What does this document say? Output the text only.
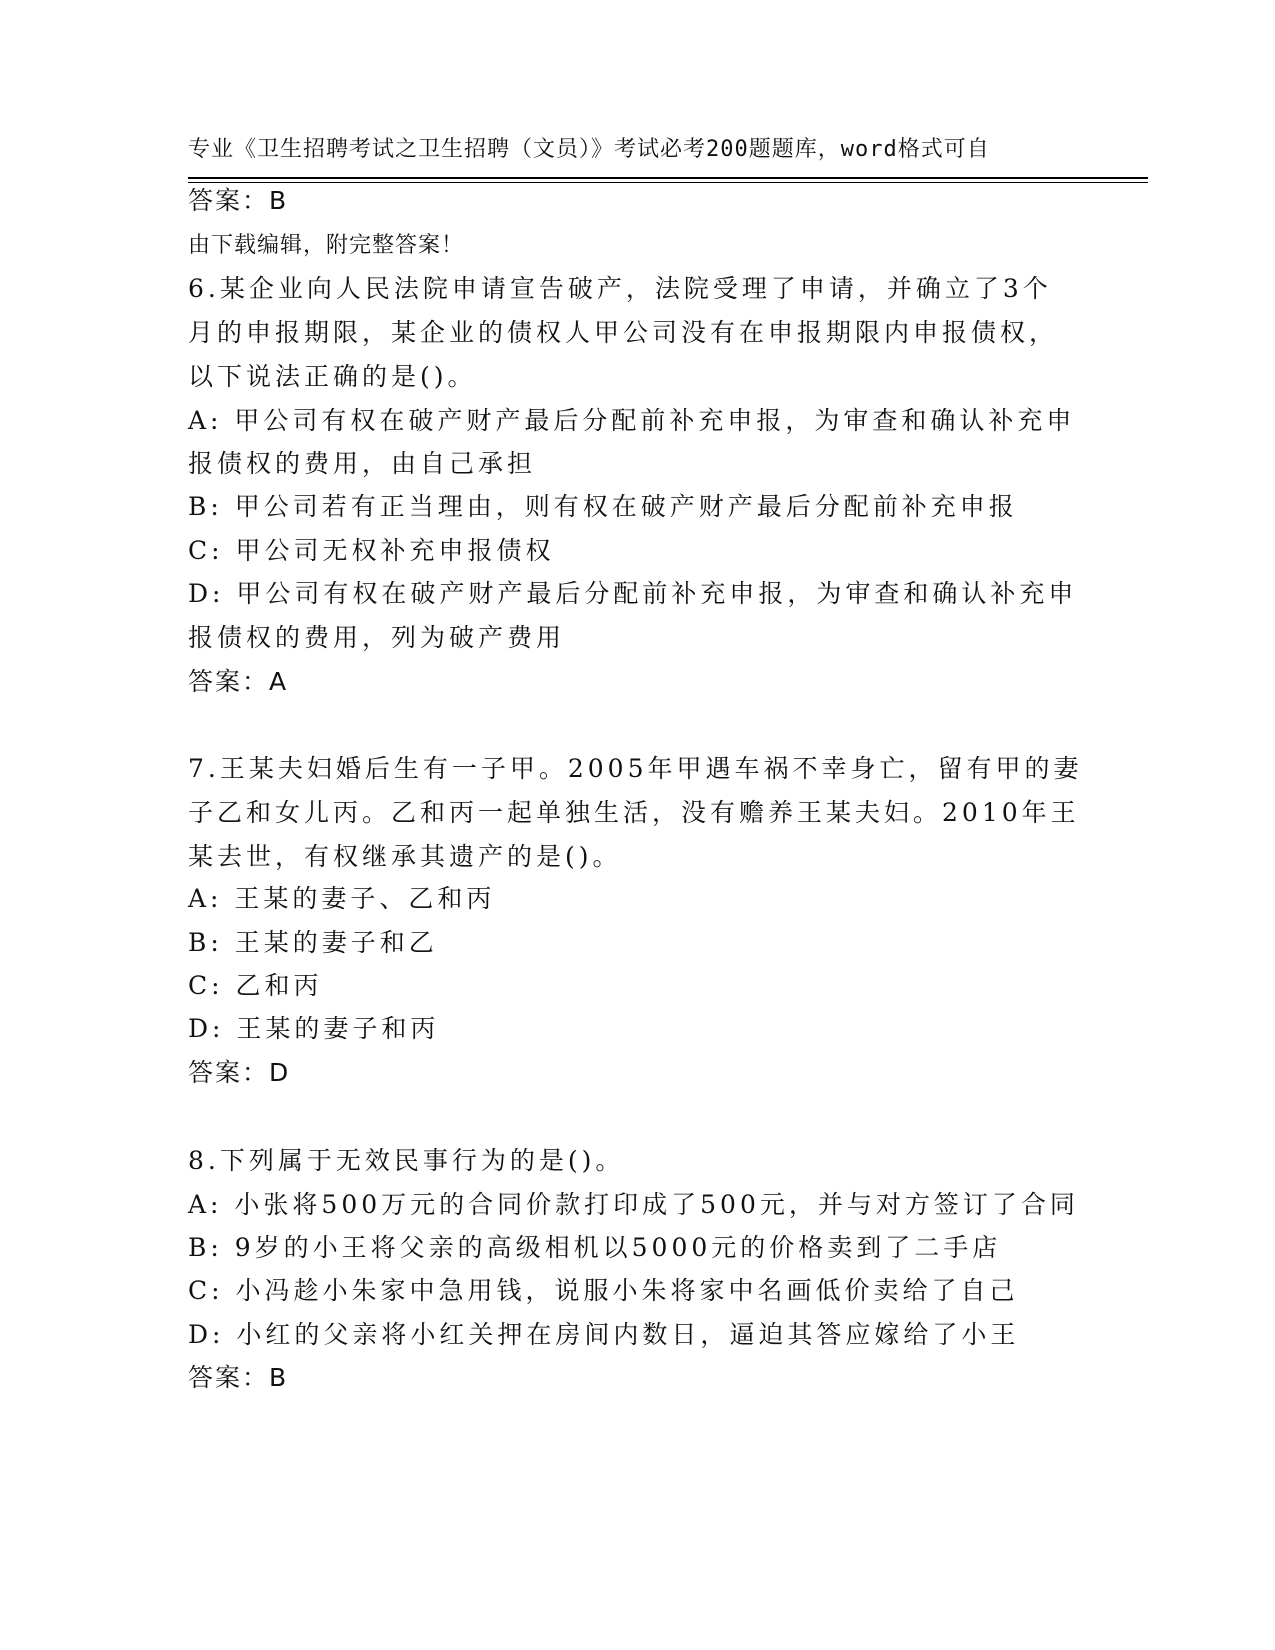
专业《卫生招聘考试之卫生招聘（文员）》考试必考200题题库，word格式可自

由下载编辑，附完整答案！

答案：B
6.某企业向人民法院申请宣告破产，法院受理了申请，并确立了3个
月的申报期限，某企业的债权人甲公司没有在申报期限内申报债权，
以下说法正确的是()。
A: 甲公司有权在破产财产最后分配前补充申报，为审查和确认补充申
报债权的费用，由自己承担
B: 甲公司若有正当理由，则有权在破产财产最后分配前补充申报
C: 甲公司无权补充申报债权
D: 甲公司有权在破产财产最后分配前补充申报，为审查和确认补充申
报债权的费用，列为破产费用
答案：A
7.王某夫妇婚后生有一子甲。2005年甲遇车祸不幸身亡，留有甲的妻
子乙和女儿丙。乙和丙一起单独生活，没有赡养王某夫妇。2010年王
某去世，有权继承其遗产的是()。
A: 王某的妻子、乙和丙
B: 王某的妻子和乙
C: 乙和丙
D: 王某的妻子和丙
答案：D
8.下列属于无效民事行为的是()。
A: 小张将500万元的合同价款打印成了500元，并与对方签订了合同
B: 9岁的小王将父亲的高级相机以5000元的价格卖到了二手店
C: 小冯趁小朱家中急用钱，说服小朱将家中名画低价卖给了自己
D: 小红的父亲将小红关押在房间内数日，逼迫其答应嫁给了小王
答案：B
